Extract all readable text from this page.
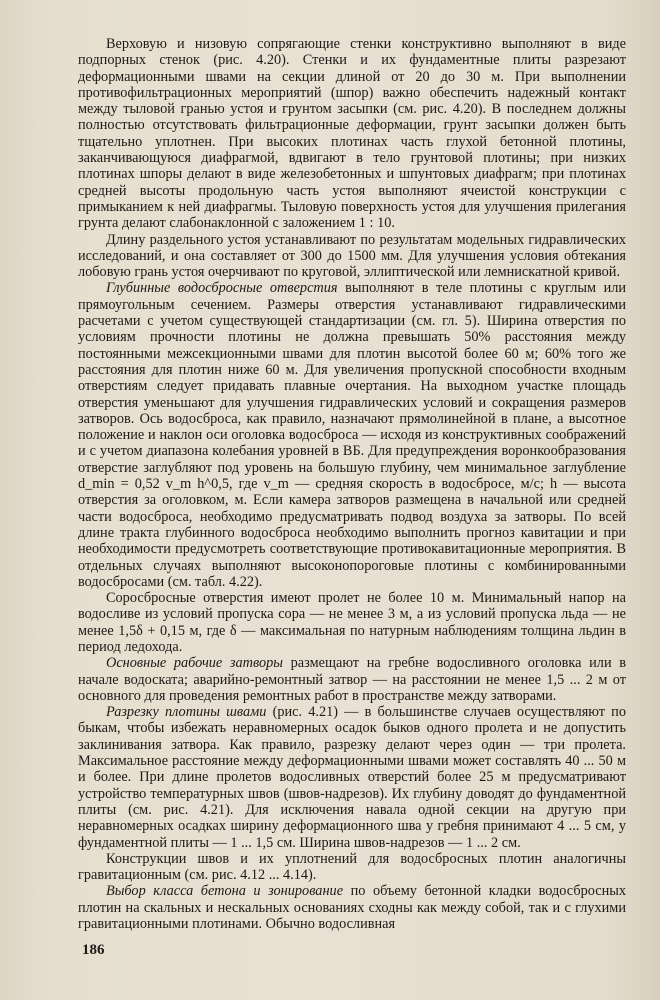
Верховую и низовую сопрягающие стенки конструктивно выполняют в виде подпорных стенок (рис. 4.20). Стенки и их фундаментные плиты разрезают деформационными швами на секции длиной от 20 до 30 м. При выполнении противофильтрационных мероприятий (шпор) важно обеспечить надежный контакт между тыловой гранью устоя и грунтом засыпки (см. рис. 4.20). В последнем должны полностью отсутствовать фильтрационные деформации, грунт засыпки должен быть тщательно уплотнен. При высоких плотинах часть глухой бетонной плотины, заканчивающуюся диафрагмой, вдвигают в тело грунтовой плотины; при низких плотинах шпоры делают в виде железобетонных и шпунтовых диафрагм; при плотинах средней высоты продольную часть устоя выполняют ячеистой конструкции с примыканием к ней диафрагмы. Тыловую поверхность устоя для улучшения прилегания грунта делают слабонаклонной с заложением 1 : 10.

Длину раздельного устоя устанавливают по результатам модельных гидравлических исследований, и она составляет от 300 до 1500 мм. Для улучшения условия обтекания лобовую грань устоя очерчивают по круговой, эллиптической или лемнискатной кривой.

Глубинные водосбросные отверстия выполняют в теле плотины с круглым или прямоугольным сечением. Размеры отверстия устанавливают гидравлическими расчетами с учетом существующей стандартизации (см. гл. 5). Ширина отверстия по условиям прочности плотины не должна превышать 50% расстояния между постоянными межсекционными швами для плотин высотой более 60 м; 60% того же расстояния для плотин ниже 60 м. Для увеличения пропускной способности входным отверстиям следует придавать плавные очертания. На выходном участке площадь отверстия уменьшают для улучшения гидравлических условий и сокращения размеров затворов. Ось водосброса, как правило, назначают прямолинейной в плане, а высотное положение и наклон оси оголовка водосброса — исходя из конструктивных соображений и с учетом диапазона колебания уровней в ВБ. Для предупреждения воронкообразования отверстие заглубляют под уровень на большую глубину, чем минимальное заглубление d_min = 0,52 v_m h^0,5, где v_m — средняя скорость в водосбросе, м/с; h — высота отверстия за оголовком, м. Если камера затворов размещена в начальной или средней части водосброса, необходимо предусматривать подвод воздуха за затворы. По всей длине тракта глубинного водосброса необходимо выполнить прогноз кавитации и при необходимости предусмотреть соответствующие противокавитационные мероприятия. В отдельных случаях выполняют высоконопороговые плотины с комбинированными водосбросами (см. табл. 4.22).

Соросбросные отверстия имеют пролет не более 10 м. Минимальный напор на водосливе из условий пропуска сора — не менее 3 м, а из условий пропуска льда — не менее 1,5δ + 0,15 м, где δ — максимальная по натурным наблюдениям толщина льдин в период ледохода.

Основные рабочие затворы размещают на гребне водосливного оголовка или в начале водоската; аварийно-ремонтный затвор — на расстоянии не менее 1,5 ... 2 м от основного для проведения ремонтных работ в пространстве между затворами.

Разрезку плотины швами (рис. 4.21) — в большинстве случаев осуществляют по быкам, чтобы избежать неравномерных осадок быков одного пролета и не допустить заклинивания затвора. Как правило, разрезку делают через один — три пролета. Максимальное расстояние между деформационными швами может составлять 40 ... 50 м и более. При длине пролетов водосливных отверстий более 25 м предусматривают устройство температурных швов (швов-надрезов). Их глубину доводят до фундаментной плиты (см. рис. 4.21). Для исключения навала одной секции на другую при неравномерных осадках ширину деформационного шва у гребня принимают 4 ... 5 см, у фундаментной плиты — 1 ... 1,5 см. Ширина швов-надрезов — 1 ... 2 см.

Конструкции швов и их уплотнений для водосбросных плотин аналогичны гравитационным (см. рис. 4.12 ... 4.14).

Выбор класса бетона и зонирование по объему бетонной кладки водосбросных плотин на скальных и нескальных основаниях сходны как между собой, так и с глухими гравитационными плотинами. Обычно водосливная

186
